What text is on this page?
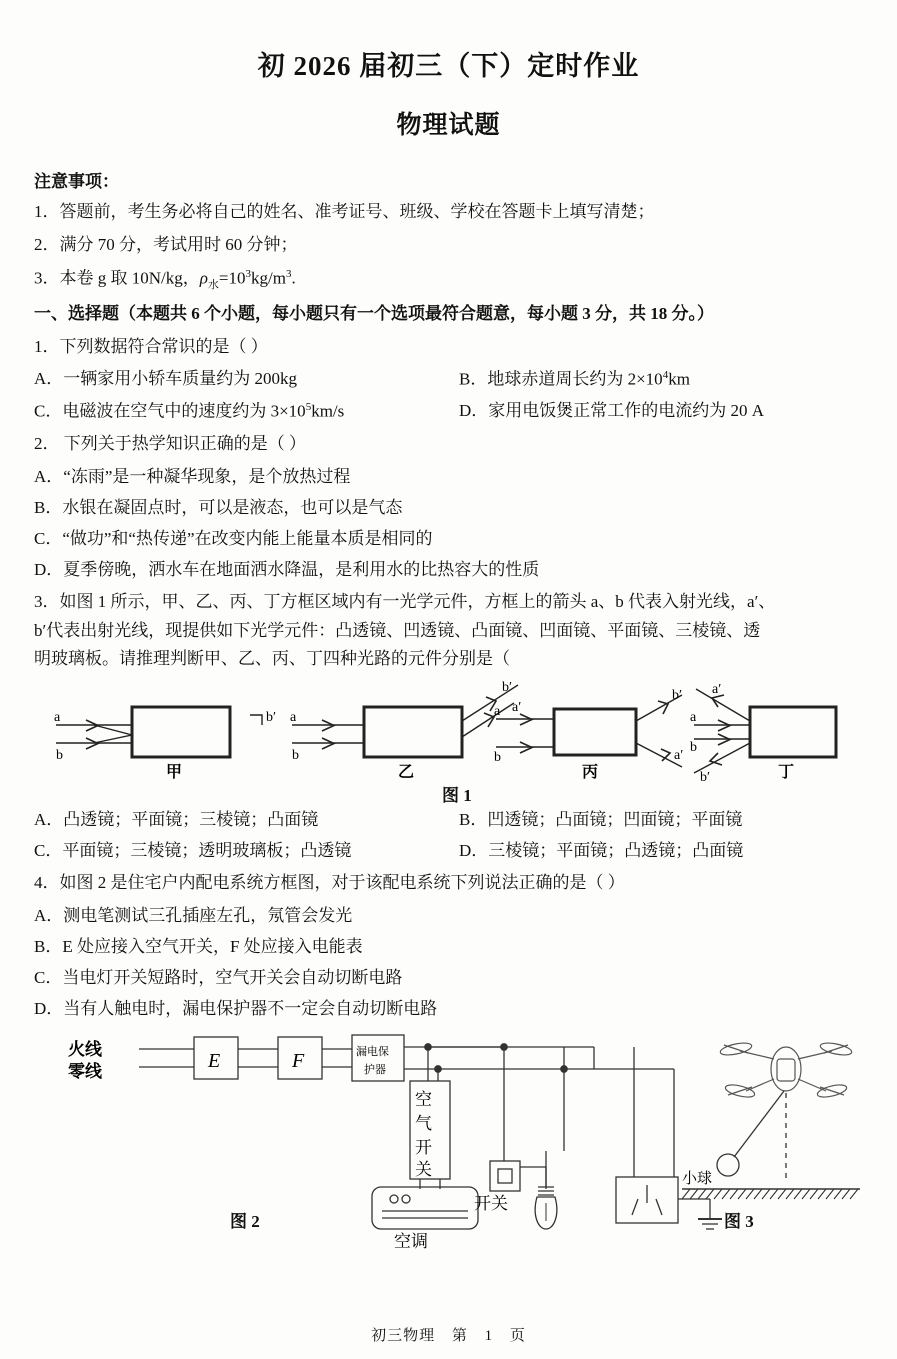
初 2026 届初三（下）定时作业
物理试题
注意事项：
1．答题前，考生务必将自己的姓名、准考证号、班级、学校在答题卡上填写清楚；
2．满分 70 分，考试用时 60 分钟；
3．本卷 g 取 10N/kg，$\rho_水=10^3kg/m^3$.
一、选择题（本题共 6 个小题，每小题只有一个选项最符合题意，每小题 3 分，共 18 分。）
1．下列数据符合常识的是（ ）
A．一辆家用小轿车质量约为 200kg	B．地球赤道周长约为 $2\times 10^4km$
C．电磁波在空气中的速度约为 $3\times 10^5km/s$	D．家用电饭煲正常工作的电流约为 20 A
2． 下列关于热学知识正确的是（ ）
A．“冻雨”是一种凝华现象，是个放热过程
B．水银在凝固点时，可以是液态，也可以是气态
C．“做功”和“热传递”在改变内能上能量本质是相同的
D．夏季傍晚，洒水车在地面洒水降温，是利用水的比热容大的性质
3．如图 1 所示，甲、乙、丙、丁方框区域内有一光学元件，方框上的箭头 a、b 代表入射光线，a′、
b′代表出射光线，现提供如下光学元件：凸透镜、凹透镜、凸面镜、凹面镜、平面镜、三棱镜、透
明玻璃板。请推理判断甲、乙、丙、丁四种光路的元件分别是（
a
b
甲
b′ a
b
b′
a′
乙
a
b
b′
a′
丙
a′
a
b
b′	丁
图 1
A．凸透镜；平面镜；三棱镜；凸面镜	B．凹透镜；凸面镜；凹面镜；平面镜
C．平面镜；三棱镜；透明玻璃板；凸透镜	D．三棱镜；平面镜；凸透镜；凸面镜
4．如图 2 是住宅户内配电系统方框图，对于该配电系统下列说法正确的是（ ）
A．测电笔测试三孔插座左孔，氖管会发光
B．E 处应接入空气开关，F 处应接入电能表
C．当电灯开关短路时，空气开关会自动切断电路
D．当有人触电时，漏电保护器不一定会自动切断电路
火线
零线	E	F	漏电保
护器
空
气
开
关
空调
开关
小球
图 2	图 3
初三物理 第 1 页
